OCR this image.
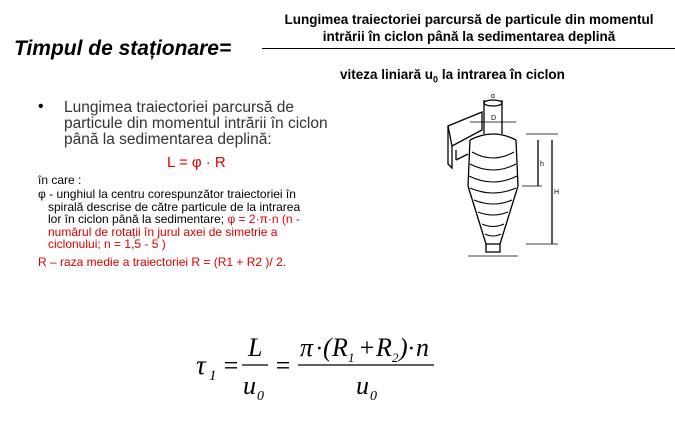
Timpul de staționare=
Lungimea traiectoriei parcursă de particule din momentul
intrării în ciclon până la sedimentarea deplină
viteza liniară $u_0$ la intrarea în ciclon
• Lungimea traiectoriei parcursă de particule din momentul intrării în ciclon până la sedimentarea deplină:
L = φ · R
în care :
φ - unghiul la centru corespunzător traiectoriei în
spirală descrise de către particule de la intrarea
lor în ciclon până la sedimentare; φ = 2·π·n (n -
numărul de rotații în jurul axei de simetrie a
ciclonului; n = 1,5 - 5 )
R – raza medie a traiectoriei R = (R1 + R2 )/ 2.
d
h
H
D
τ 1 =
L
u 0
=
π · ( R 1 + R 2 ) · n
u 0
